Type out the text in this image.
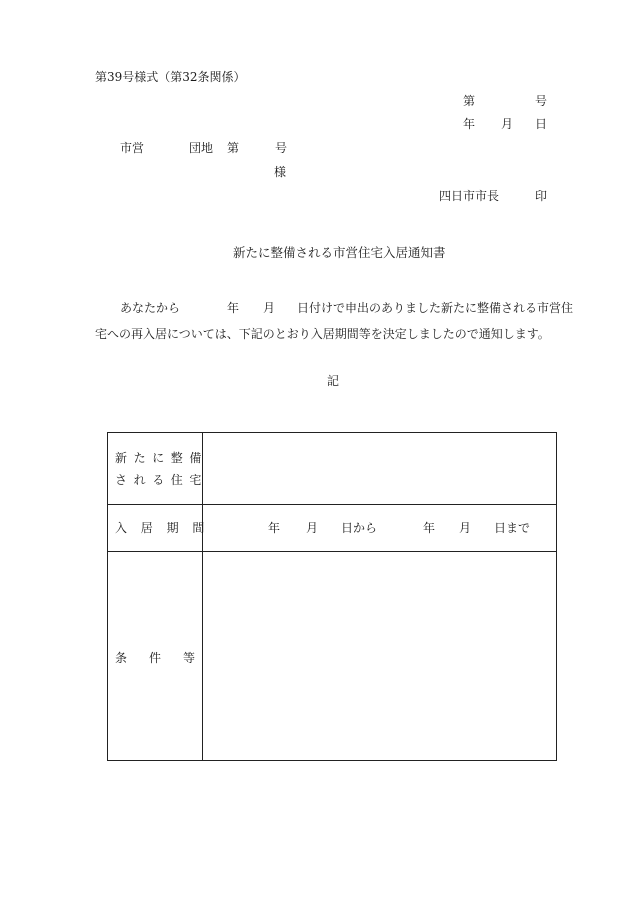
第39号様式（第32条関係）
第	号
年 月 日
市営	団地 第	号
様
四日市市長	印
新たに整備される市営住宅入居通知書
あなたから	年 月 日付けで申出のありました新たに整備される市営住
宅への再入居については、下記のとおり入居期間等を決定しましたので通知します。
記
新たに整備
される住宅
入居期間	年 月 日から	年 月 日まで
条 件 等
